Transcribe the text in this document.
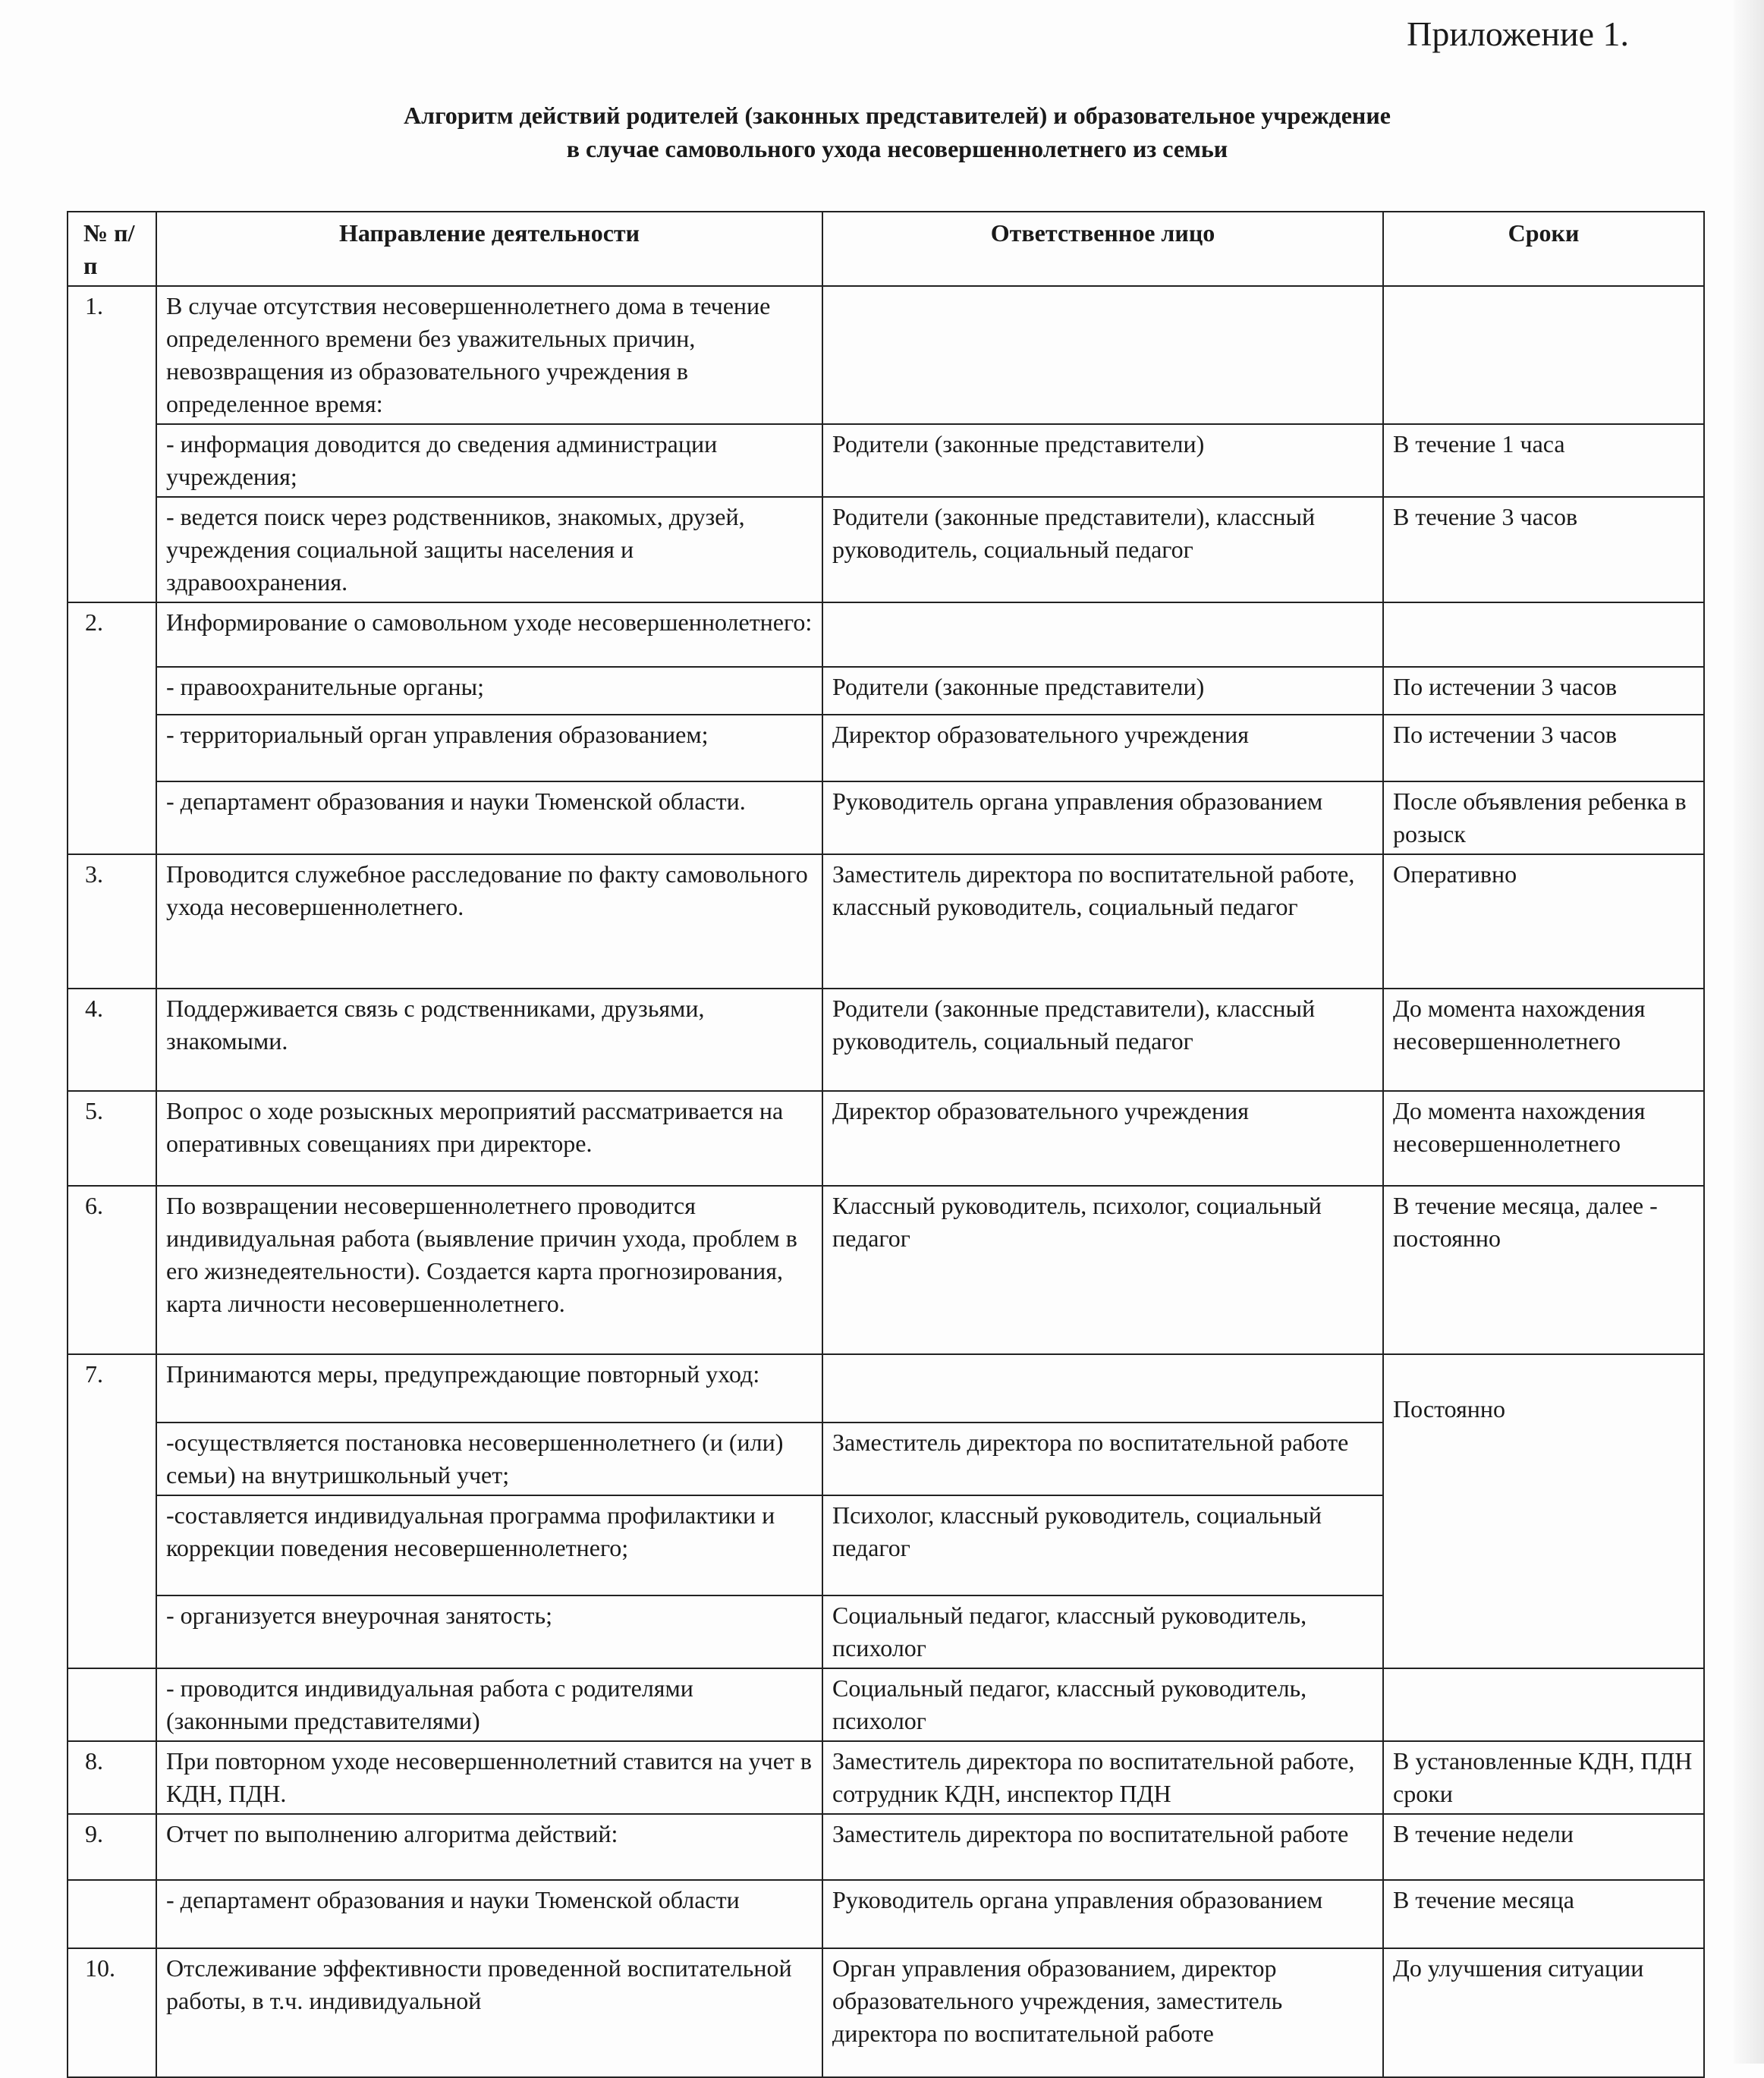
Приложение 1.
Алгоритм действий родителей (законных представителей) и образовательное учреждение
в случае самовольного ухода несовершеннолетнего из семьи
№ п/п	Направление деятельности	Ответственное лицо	Сроки
1.	В случае отсутствия несовершеннолетнего дома в течение определенного времени без уважительных причин, невозвращения из образовательного учреждения в определенное время:		
	- информация доводится до сведения администрации учреждения;	Родители (законные представители)	В течение 1 часа
	- ведется поиск через родственников, знакомых, друзей, учреждения социальной защиты населения и здравоохранения.	Родители (законные представители), классный руководитель, социальный педагог	В течение 3 часов
2.	Информирование о самовольном уходе несовершеннолетнего:		
	- правоохранительные органы;	Родители (законные представители)	По истечении 3 часов
	- территориальный орган управления образованием;	Директор образовательного учреждения	По истечении 3 часов
	- департамент образования и науки Тюменской области.	Руководитель органа управления образованием	После объявления ребенка в розыск
3.	Проводится служебное расследование по факту самовольного ухода несовершеннолетнего.	Заместитель директора по воспитательной работе, классный руководитель, социальный педагог	Оперативно
4.	Поддерживается связь с родственниками, друзьями, знакомыми.	Родители (законные представители), классный руководитель, социальный педагог	До момента нахождения несовершеннолетнего
5.	Вопрос о ходе розыскных мероприятий рассматривается на оперативных совещаниях при директоре.	Директор образовательного учреждения	До момента нахождения несовершеннолетнего
6.	По возвращении несовершеннолетнего проводится индивидуальная работа (выявление причин ухода, проблем в его жизнедеятельности). Создается карта прогнозирования, карта личности несовершеннолетнего.	Классный руководитель, психолог, социальный педагог	В течение месяца, далее - постоянно
7.	Принимаются меры, предупреждающие повторный уход:		Постоянно
	-осуществляется постановка несовершеннолетнего (и (или) семьи) на внутришкольный учет;	Заместитель директора по воспитательной работе	
	-составляется индивидуальная программа профилактики и коррекции поведения несовершеннолетнего;	Психолог, классный руководитель, социальный педагог	
	- организуется внеурочная занятость;	Социальный педагог, классный руководитель, психолог	
	- проводится индивидуальная работа с родителями (законными представителями)	Социальный педагог, классный руководитель, психолог	
8.	При повторном уходе несовершеннолетний ставится на учет в КДН, ПДН.	Заместитель директора по воспитательной работе, сотрудник КДН, инспектор ПДН	В установленные КДН, ПДН сроки
9.	Отчет по выполнению алгоритма действий:	Заместитель директора по воспитательной работе	В течение недели
	- департамент образования и науки Тюменской области	Руководитель органа управления образованием	В течение месяца
10.	Отслеживание эффективности проведенной воспитательной работы, в т.ч. индивидуальной	Орган управления образованием, директор образовательного учреждения, заместитель директора по воспитательной работе	До улучшения ситуации
